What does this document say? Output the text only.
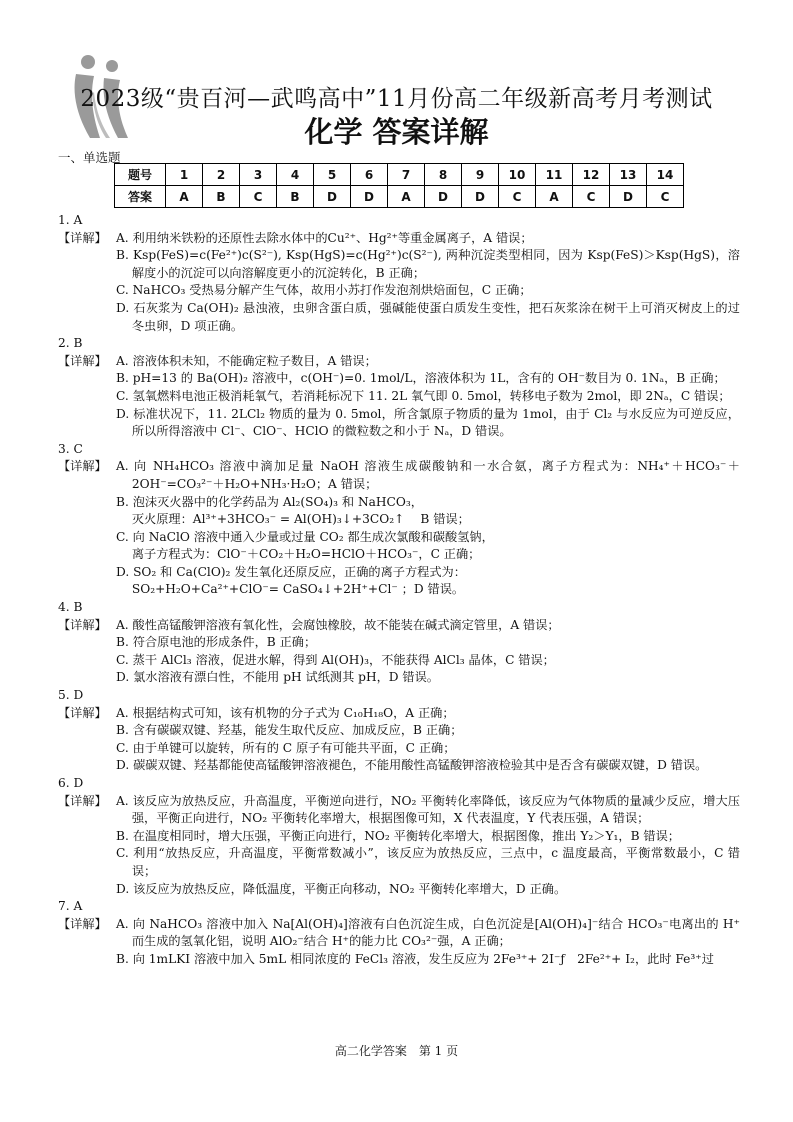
2023级“贵百河—武鸣高中”11月份高二年级新高考月考测试
化学 答案详解
一、单选题
题号	1	2	3	4	5	6	7	8	9	10	11	12	13	14
答案	A	B	C	B	D	D	A	D	D	C	A	C	D	C
1. A
【详解】 A. 利用纳米铁粉的还原性去除水体中的Cu²⁺、Hg²⁺等重金属离子，A 错误；
B. Ksp(FeS)=c(Fe²⁺)c(S²⁻), Ksp(HgS)=c(Hg²⁺)c(S²⁻), 两种沉淀类型相同，因为 Ksp(FeS)＞Ksp(HgS)，溶解度小的沉淀可以向溶解度更小的沉淀转化，B 正确；
C. NaHCO₃ 受热易分解产生气体，故用小苏打作发泡剂烘焙面包，C 正确；
D. 石灰浆为 Ca(OH)₂ 悬浊液，虫卵含蛋白质，强碱能使蛋白质发生变性，把石灰浆涂在树干上可消灭树皮上的过冬虫卵，D 项正确。
2. B
【详解】 A. 溶液体积未知，不能确定粒子数目，A 错误；
B. pH=13 的 Ba(OH)₂ 溶液中，c(OH⁻)=0. 1mol/L，溶液体积为 1L，含有的 OH⁻数目为 0. 1Nₐ，B 正确；
C. 氢氧燃料电池正极消耗氧气，若消耗标况下 11. 2L 氧气即 0. 5mol，转移电子数为 2mol，即 2Nₐ，C 错误；
D. 标准状况下，11. 2LCl₂ 物质的量为 0. 5mol，所含氯原子物质的量为 1mol，由于 Cl₂ 与水反应为可逆反应，所以所得溶液中 Cl⁻、ClO⁻、HClO 的微粒数之和小于 Nₐ，D 错误。
3. C
【详解】 A. 向 NH₄HCO₃ 溶液中滴加足量 NaOH 溶液生成碳酸钠和一水合氨，离子方程式为：NH₄⁺＋HCO₃⁻＋2OH⁻=CO₃²⁻＋H₂O+NH₃·H₂O；A 错误；
B. 泡沫灭火器中的化学药品为 Al₂(SO₄)₃ 和 NaHCO₃，
灭火原理：Al³⁺+3HCO₃⁻ = Al(OH)₃↓+3CO₂↑　 B 错误；
C. 向 NaClO 溶液中通入少量或过量 CO₂ 都生成次氯酸和碳酸氢钠，
离子方程式为：ClO⁻＋CO₂＋H₂O=HClO＋HCO₃⁻，C 正确；
D. SO₂ 和 Ca(ClO)₂ 发生氧化还原反应，正确的离子方程式为：
SO₂+H₂O+Ca²⁺+ClO⁻= CaSO₄↓+2H⁺+Cl⁻ ；D 错误。
4. B
【详解】 A. 酸性高锰酸钾溶液有氧化性，会腐蚀橡胶，故不能装在碱式滴定管里，A 错误；
B. 符合原电池的形成条件，B 正确；
C. 蒸干 AlCl₃ 溶液，促进水解，得到 Al(OH)₃，不能获得 AlCl₃ 晶体，C 错误；
D. 氯水溶液有漂白性，不能用 pH 试纸测其 pH，D 错误。
5. D
【详解】 A. 根据结构式可知，该有机物的分子式为 C₁₀H₁₈O，A 正确；
B. 含有碳碳双键、羟基，能发生取代反应、加成反应，B 正确；
C. 由于单键可以旋转，所有的 C 原子有可能共平面，C 正确；
D. 碳碳双键、羟基都能使高锰酸钾溶液褪色，不能用酸性高锰酸钾溶液检验其中是否含有碳碳双键，D 错误。
6. D
【详解】 A. 该反应为放热反应，升高温度，平衡逆向进行，NO₂ 平衡转化率降低，该反应为气体物质的量减少反应，增大压强，平衡正向进行，NO₂ 平衡转化率增大，根据图像可知，X 代表温度，Y 代表压强，A 错误；
B. 在温度相同时，增大压强，平衡正向进行，NO₂ 平衡转化率增大，根据图像，推出 Y₂＞Y₁，B 错误；
C. 利用“放热反应，升高温度，平衡常数减小”，该反应为放热反应，三点中，c 温度最高，平衡常数最小，C 错误；
D. 该反应为放热反应，降低温度，平衡正向移动，NO₂ 平衡转化率增大，D 正确。
7. A
【详解】 A. 向 NaHCO₃ 溶液中加入 Na[Al(OH)₄]溶液有白色沉淀生成，白色沉淀是[Al(OH)₄]⁻结合 HCO₃⁻电离出的 H⁺而生成的氢氧化铝，说明 AlO₂⁻结合 H⁺的能力比 CO₃²⁻强，A 正确；
B. 向 1mLKI 溶液中加入 5mL 相同浓度的 FeCl₃ 溶液，发生反应为 2Fe³⁺+ 2I⁻ƒ　2Fe²⁺+ I₂，此时 Fe³⁺过
高二化学答案　第 1 页
